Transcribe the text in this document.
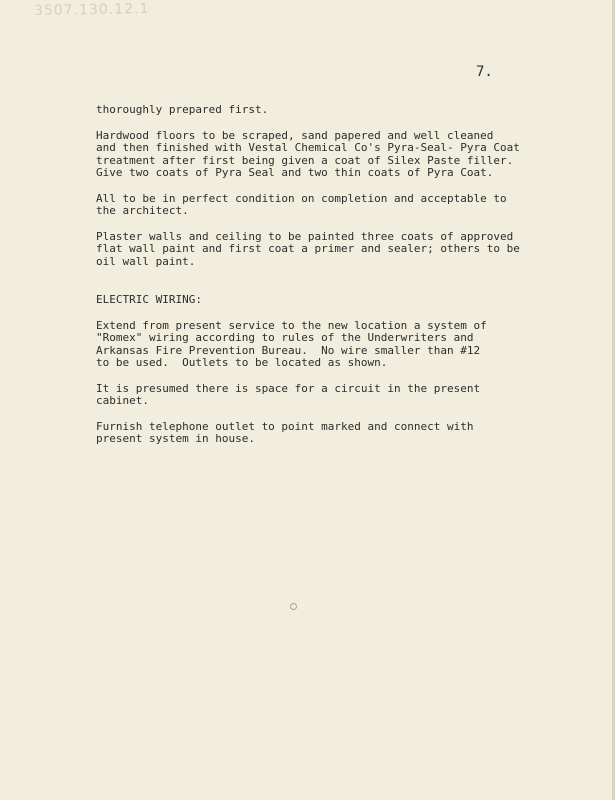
3507.130.12.1
7.

thoroughly prepared first.

Hardwood floors to be scraped, sand papered and well cleaned

and then finished with Vestal Chemical Co's Pyra-Seal- Pyra Coat

treatment after first being given a coat of Silex Paste filler.

Give two coats of Pyra Seal and two thin coats of Pyra Coat.

All to be in perfect condition on completion and acceptable to

the architect.

Plaster walls and ceiling to be painted three coats of approved

flat wall paint and first coat a primer and sealer; others to be

oil wall paint.

ELECTRIC WIRING:

Extend from present service to the new location a system of

"Romex" wiring according to rules of the Underwriters and

Arkansas Fire Prevention Bureau.  No wire smaller than #12

to be used.  Outlets to be located as shown.

It is presumed there is space for a circuit in the present

cabinet.

Furnish telephone outlet to point marked and connect with

present system in house.
